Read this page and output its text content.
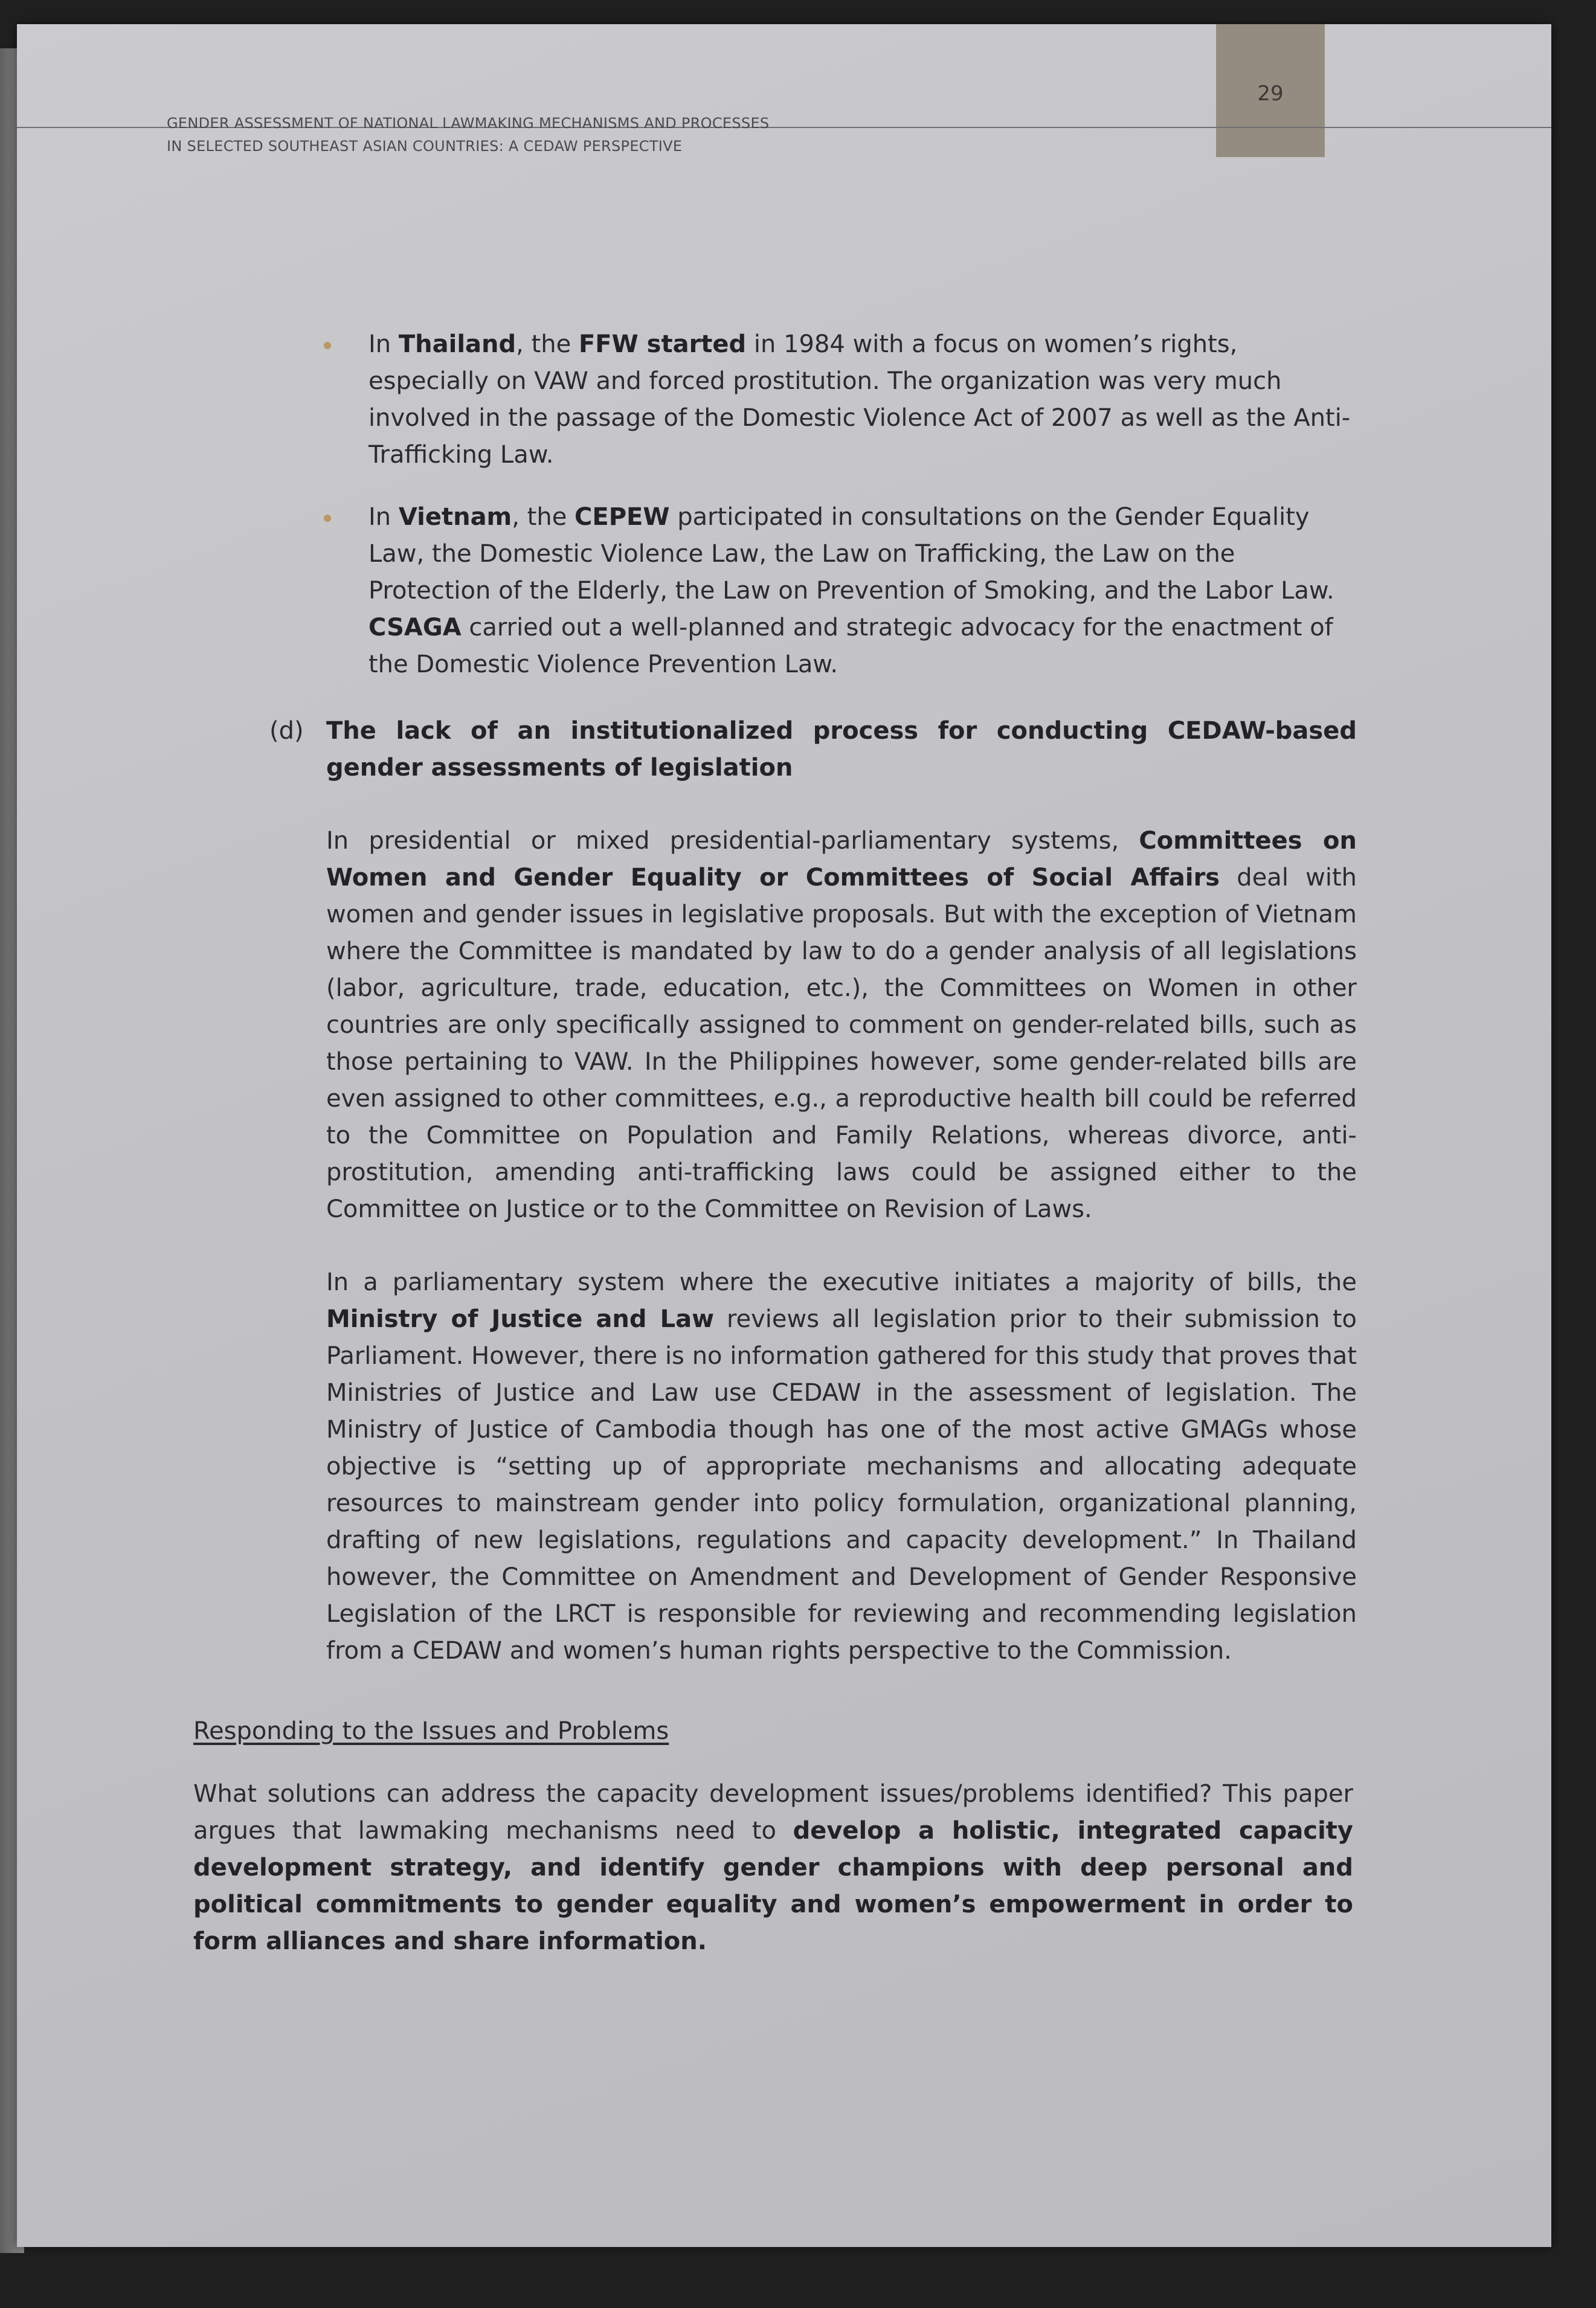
29
GENDER ASSESSMENT OF NATIONAL LAWMAKING MECHANISMS AND PROCESSES
IN SELECTED SOUTHEAST ASIAN COUNTRIES: A CEDAW PERSPECTIVE
In Thailand, the FFW started in 1984 with a focus on women’s rights, especially on VAW and forced prostitution. The organization was very much involved in the passage of the Domestic Violence Act of 2007 as well as the Anti-Trafficking Law.
In Vietnam, the CEPEW participated in consultations on the Gender Equality Law, the Domestic Violence Law, the Law on Trafficking, the Law on the Protection of the Elderly, the Law on Prevention of Smoking, and the Labor Law. CSAGA carried out a well-planned and strategic advocacy for the enactment of the Domestic Violence Prevention Law.
(d) The lack of an institutionalized process for conducting CEDAW-based gender assessments of legislation
In presidential or mixed presidential-parliamentary systems, Committees on Women and Gender Equality or Committees of Social Affairs deal with women and gender issues in legislative proposals. But with the exception of Vietnam where the Committee is mandated by law to do a gender analysis of all legislations (labor, agriculture, trade, education, etc.), the Committees on Women in other countries are only specifically assigned to comment on gender-related bills, such as those pertaining to VAW. In the Philippines however, some gender-related bills are even assigned to other committees, e.g., a reproductive health bill could be referred to the Committee on Population and Family Relations, whereas divorce, anti-prostitution, amending anti-trafficking laws could be assigned either to the Committee on Justice or to the Committee on Revision of Laws.
In a parliamentary system where the executive initiates a majority of bills, the Ministry of Justice and Law reviews all legislation prior to their submission to Parliament. However, there is no information gathered for this study that proves that Ministries of Justice and Law use CEDAW in the assessment of legislation. The Ministry of Justice of Cambodia though has one of the most active GMAGs whose objective is “setting up of appropriate mechanisms and allocating adequate resources to mainstream gender into policy formulation, organizational planning, drafting of new legislations, regulations and capacity development.” In Thailand however, the Committee on Amendment and Development of Gender Responsive Legislation of the LRCT is responsible for reviewing and recommending legislation from a CEDAW and women’s human rights perspective to the Commission.
Responding to the Issues and Problems
What solutions can address the capacity development issues/problems identified? This paper argues that lawmaking mechanisms need to develop a holistic, integrated capacity development strategy, and identify gender champions with deep personal and political commitments to gender equality and women’s empowerment in order to form alliances and share information.
